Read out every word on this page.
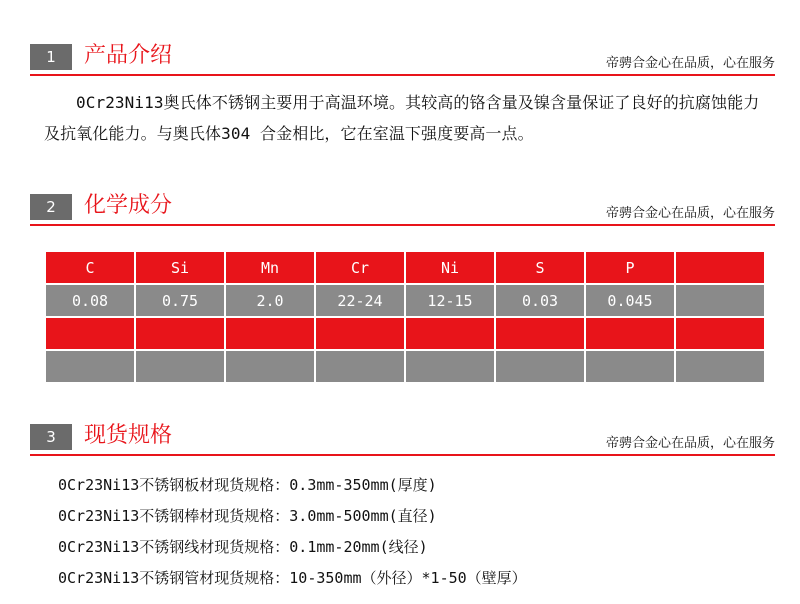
1	产品介绍	帝骋合金心在品质，心在服务

0Cr23Ni13奥氏体不锈钢主要用于高温环境。其较高的铬含量及镍含量保证了良好的抗腐蚀能力及抗氧化能力。与奥氏体304 合金相比，它在室温下强度要高一点。

2	化学成分	帝骋合金心在品质，心在服务
C	Si	Mn	Cr	Ni	S	P	
0.08	0.75	2.0	22-24	12-15	0.03	0.045	

3	现货规格	帝骋合金心在品质，心在服务
0Cr23Ni13不锈钢板材现货规格：0.3mm-350mm(厚度)
0Cr23Ni13不锈钢棒材现货规格：3.0mm-500mm(直径)
0Cr23Ni13不锈钢线材现货规格：0.1mm-20mm(线径)
0Cr23Ni13不锈钢管材现货规格：10-350mm（外径）*1-50（壁厚）
